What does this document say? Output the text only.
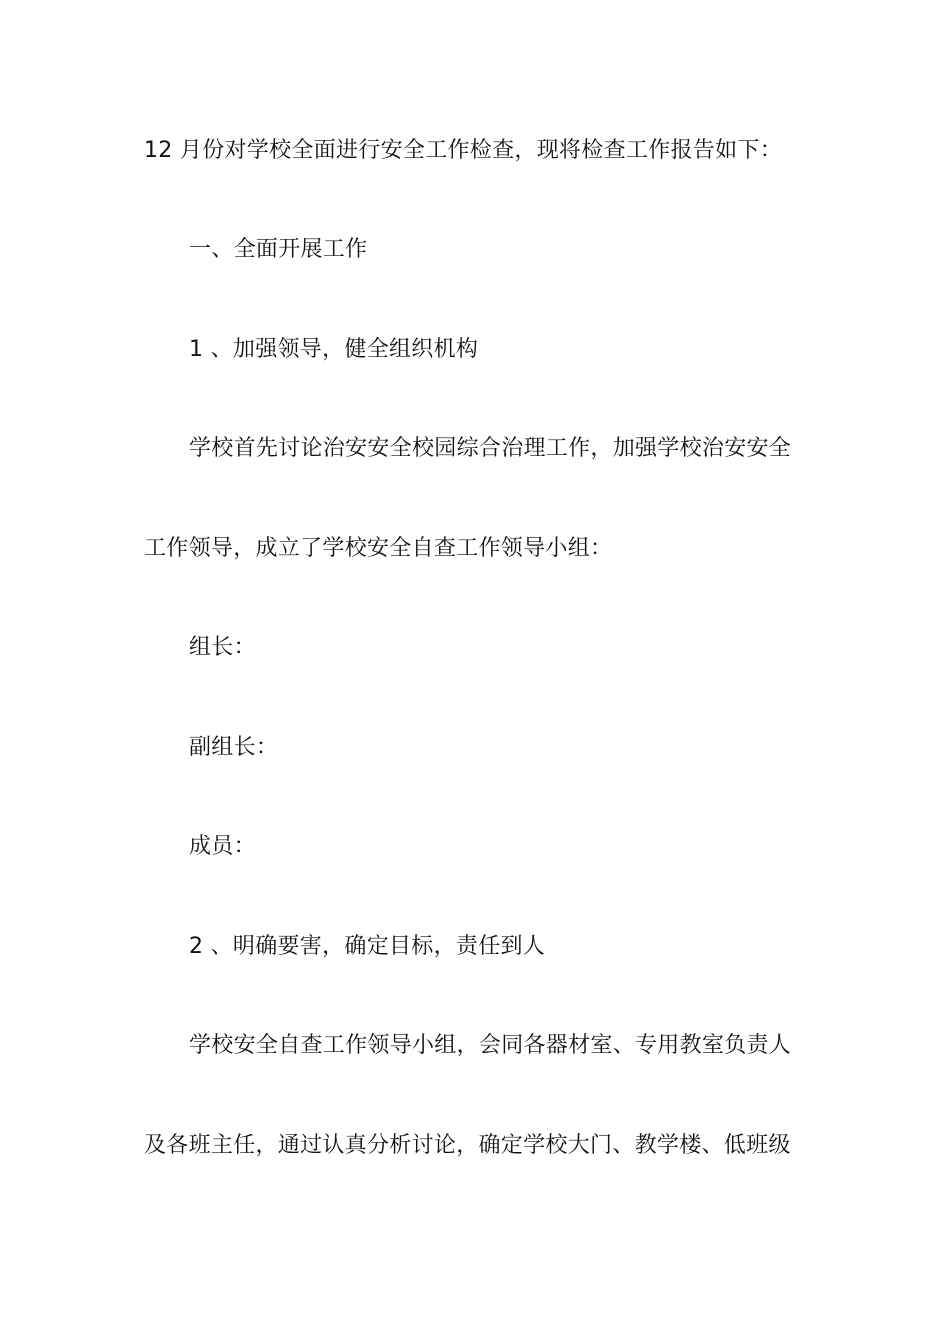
12 月份对学校全面进行安全工作检查，现将检查工作报告如下：
一、全面开展工作
1 、加强领导，健全组织机构
学校首先讨论治安安全校园综合治理工作，加强学校治安安全
工作领导，成立了学校安全自查工作领导小组：
组长：
副组长：
成员：
2 、明确要害，确定目标，责任到人
学校安全自查工作领导小组，会同各器材室、专用教室负责人
及各班主任，通过认真分析讨论，确定学校大门、教学楼、低班级
